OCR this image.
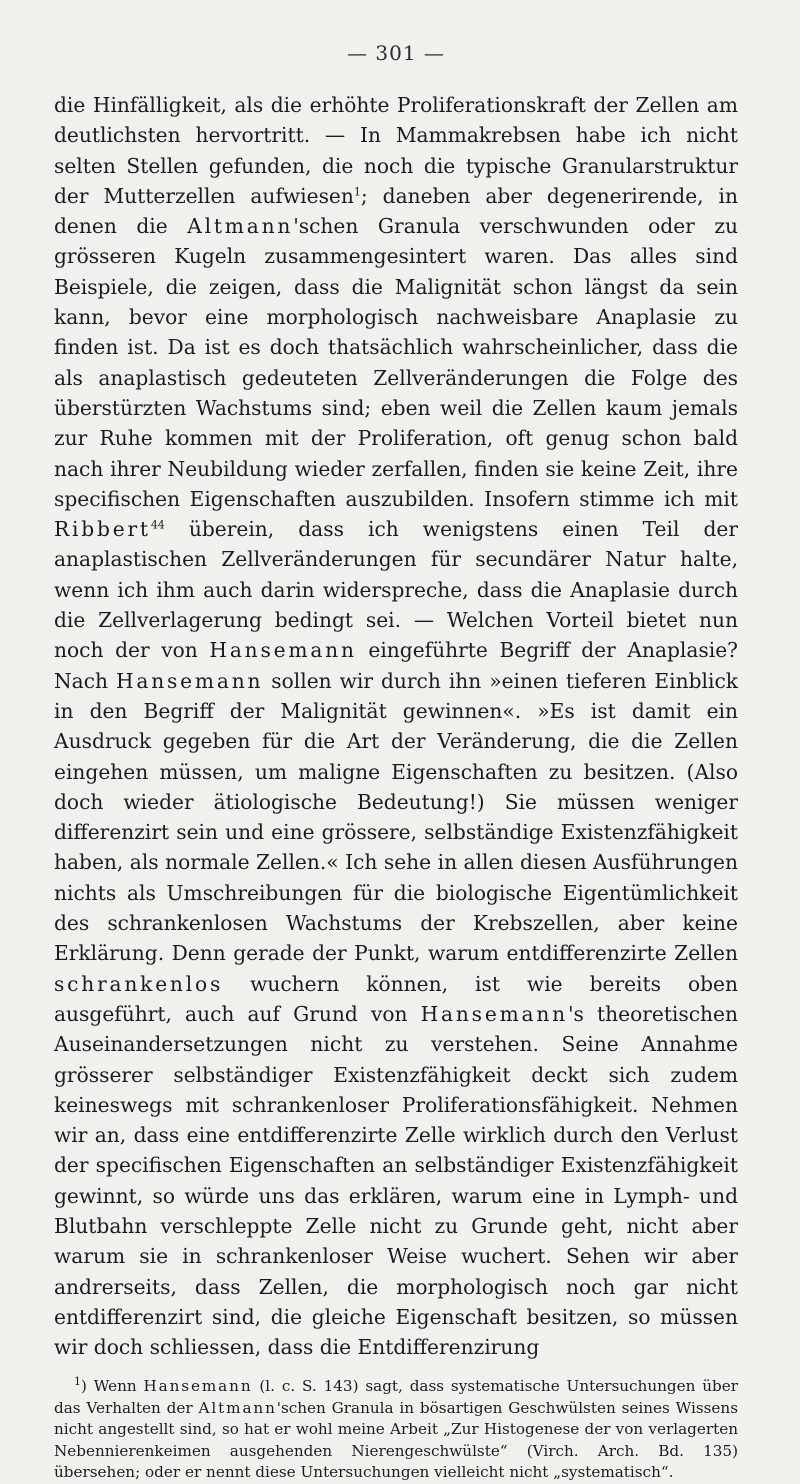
— 301 —

die Hinfälligkeit, als die erhöhte Proliferationskraft der Zellen am deutlichsten hervortritt. — In Mammakrebsen habe ich nicht selten Stellen gefunden, die noch die typische Granularstruktur der Mutterzellen aufwiesen$^1$; daneben aber degenerirende, in denen die Altmann'schen Granula verschwunden oder zu grösseren Kugeln zusammengesintert waren. Das alles sind Beispiele, die zeigen, dass die Malignität schon längst da sein kann, bevor eine morphologisch nachweisbare Anaplasie zu finden ist. Da ist es doch thatsächlich wahrscheinlicher, dass die als anaplastisch gedeuteten Zellveränderungen die Folge des überstürzten Wachstums sind; eben weil die Zellen kaum jemals zur Ruhe kommen mit der Proliferation, oft genug schon bald nach ihrer Neubildung wieder zerfallen, finden sie keine Zeit, ihre specifischen Eigenschaften auszubilden. Insofern stimme ich mit Ribbert$^{44}$ überein, dass ich wenigstens einen Teil der anaplastischen Zellveränderungen für secundärer Natur halte, wenn ich ihm auch darin widerspreche, dass die Anaplasie durch die Zellverlagerung bedingt sei. — Welchen Vorteil bietet nun noch der von Hansemann eingeführte Begriff der Anaplasie? Nach Hansemann sollen wir durch ihn »einen tieferen Einblick in den Begriff der Malignität gewinnen«. »Es ist damit ein Ausdruck gegeben für die Art der Veränderung, die die Zellen eingehen müssen, um maligne Eigenschaften zu besitzen. (Also doch wieder ätiologische Bedeutung!) Sie müssen weniger differenzirt sein und eine grössere, selbständige Existenzfähigkeit haben, als normale Zellen.« Ich sehe in allen diesen Ausführungen nichts als Umschreibungen für die biologische Eigentümlichkeit des schrankenlosen Wachstums der Krebszellen, aber keine Erklärung. Denn gerade der Punkt, warum entdifferenzirte Zellen schrankenlos wuchern können, ist wie bereits oben ausgeführt, auch auf Grund von Hansemann's theoretischen Auseinandersetzungen nicht zu verstehen. Seine Annahme grösserer selbständiger Existenzfähigkeit deckt sich zudem keineswegs mit schrankenloser Proliferationsfähigkeit. Nehmen wir an, dass eine entdifferenzirte Zelle wirklich durch den Verlust der specifischen Eigenschaften an selbständiger Existenzfähigkeit gewinnt, so würde uns das erklären, warum eine in Lymph- und Blutbahn verschleppte Zelle nicht zu Grunde geht, nicht aber warum sie in schrankenloser Weise wuchert. Sehen wir aber andrerseits, dass Zellen, die morphologisch noch gar nicht entdifferenzirt sind, die gleiche Eigenschaft besitzen, so müssen wir doch schliessen, dass die Entdifferenzirung

$^1$) Wenn Hansemann (l. c. S. 143) sagt, dass systematische Untersuchungen über das Verhalten der Altmann'schen Granula in bösartigen Geschwülsten seines Wissens nicht angestellt sind, so hat er wohl meine Arbeit „Zur Histogenese der von verlagerten Nebennierenkeimen ausgehenden Nierengeschwülste“ (Virch. Arch. Bd. 135) übersehen; oder er nennt diese Untersuchungen vielleicht nicht „systematisch“.
